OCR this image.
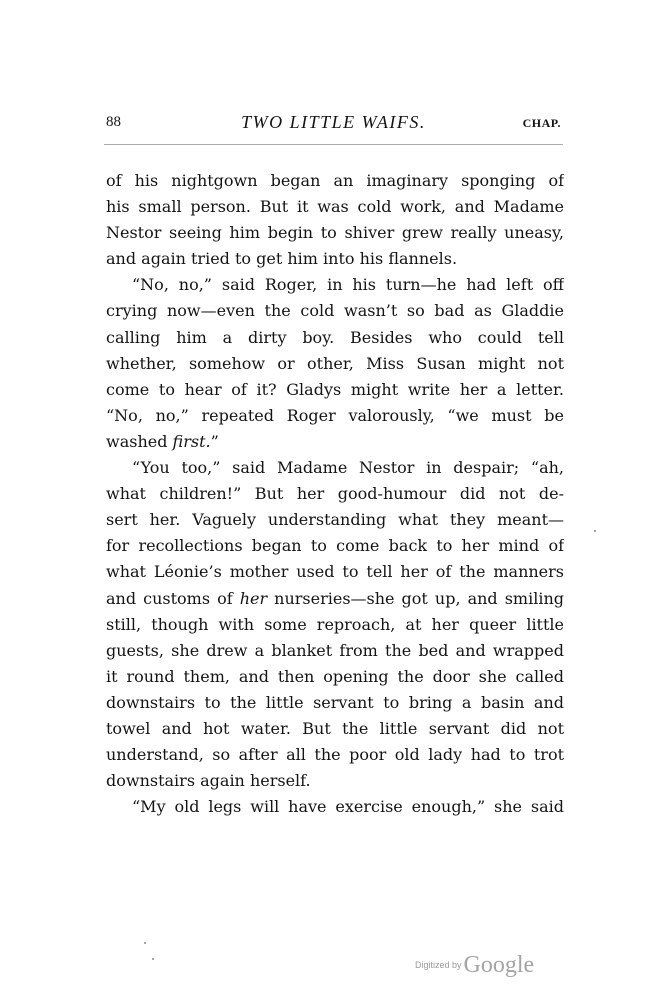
88	TWO LITTLE WAIFS.	CHAP.
of his nightgown began an imaginary sponging of
his small person. But it was cold work, and Madame
Nestor seeing him begin to shiver grew really uneasy,
and again tried to get him into his flannels.
“No, no,” said Roger, in his turn—he had left off
crying now—even the cold wasn’t so bad as Gladdie
calling him a dirty boy. Besides who could tell
whether, somehow or other, Miss Susan might not
come to hear of it? Gladys might write her a letter.
“No, no,” repeated Roger valorously, “we must be
washed first.”
“You too,” said Madame Nestor in despair; “ah,
what children!” But her good-humour did not de-
sert her. Vaguely understanding what they meant—
for recollections began to come back to her mind of
what Léonie’s mother used to tell her of the manners
and customs of her nurseries—she got up, and smiling
still, though with some reproach, at her queer little
guests, she drew a blanket from the bed and wrapped
it round them, and then opening the door she called
downstairs to the little servant to bring a basin and
towel and hot water. But the little servant did not
understand, so after all the poor old lady had to trot
downstairs again herself.
“My old legs will have exercise enough,” she said
$^{Digitized by}$Google
